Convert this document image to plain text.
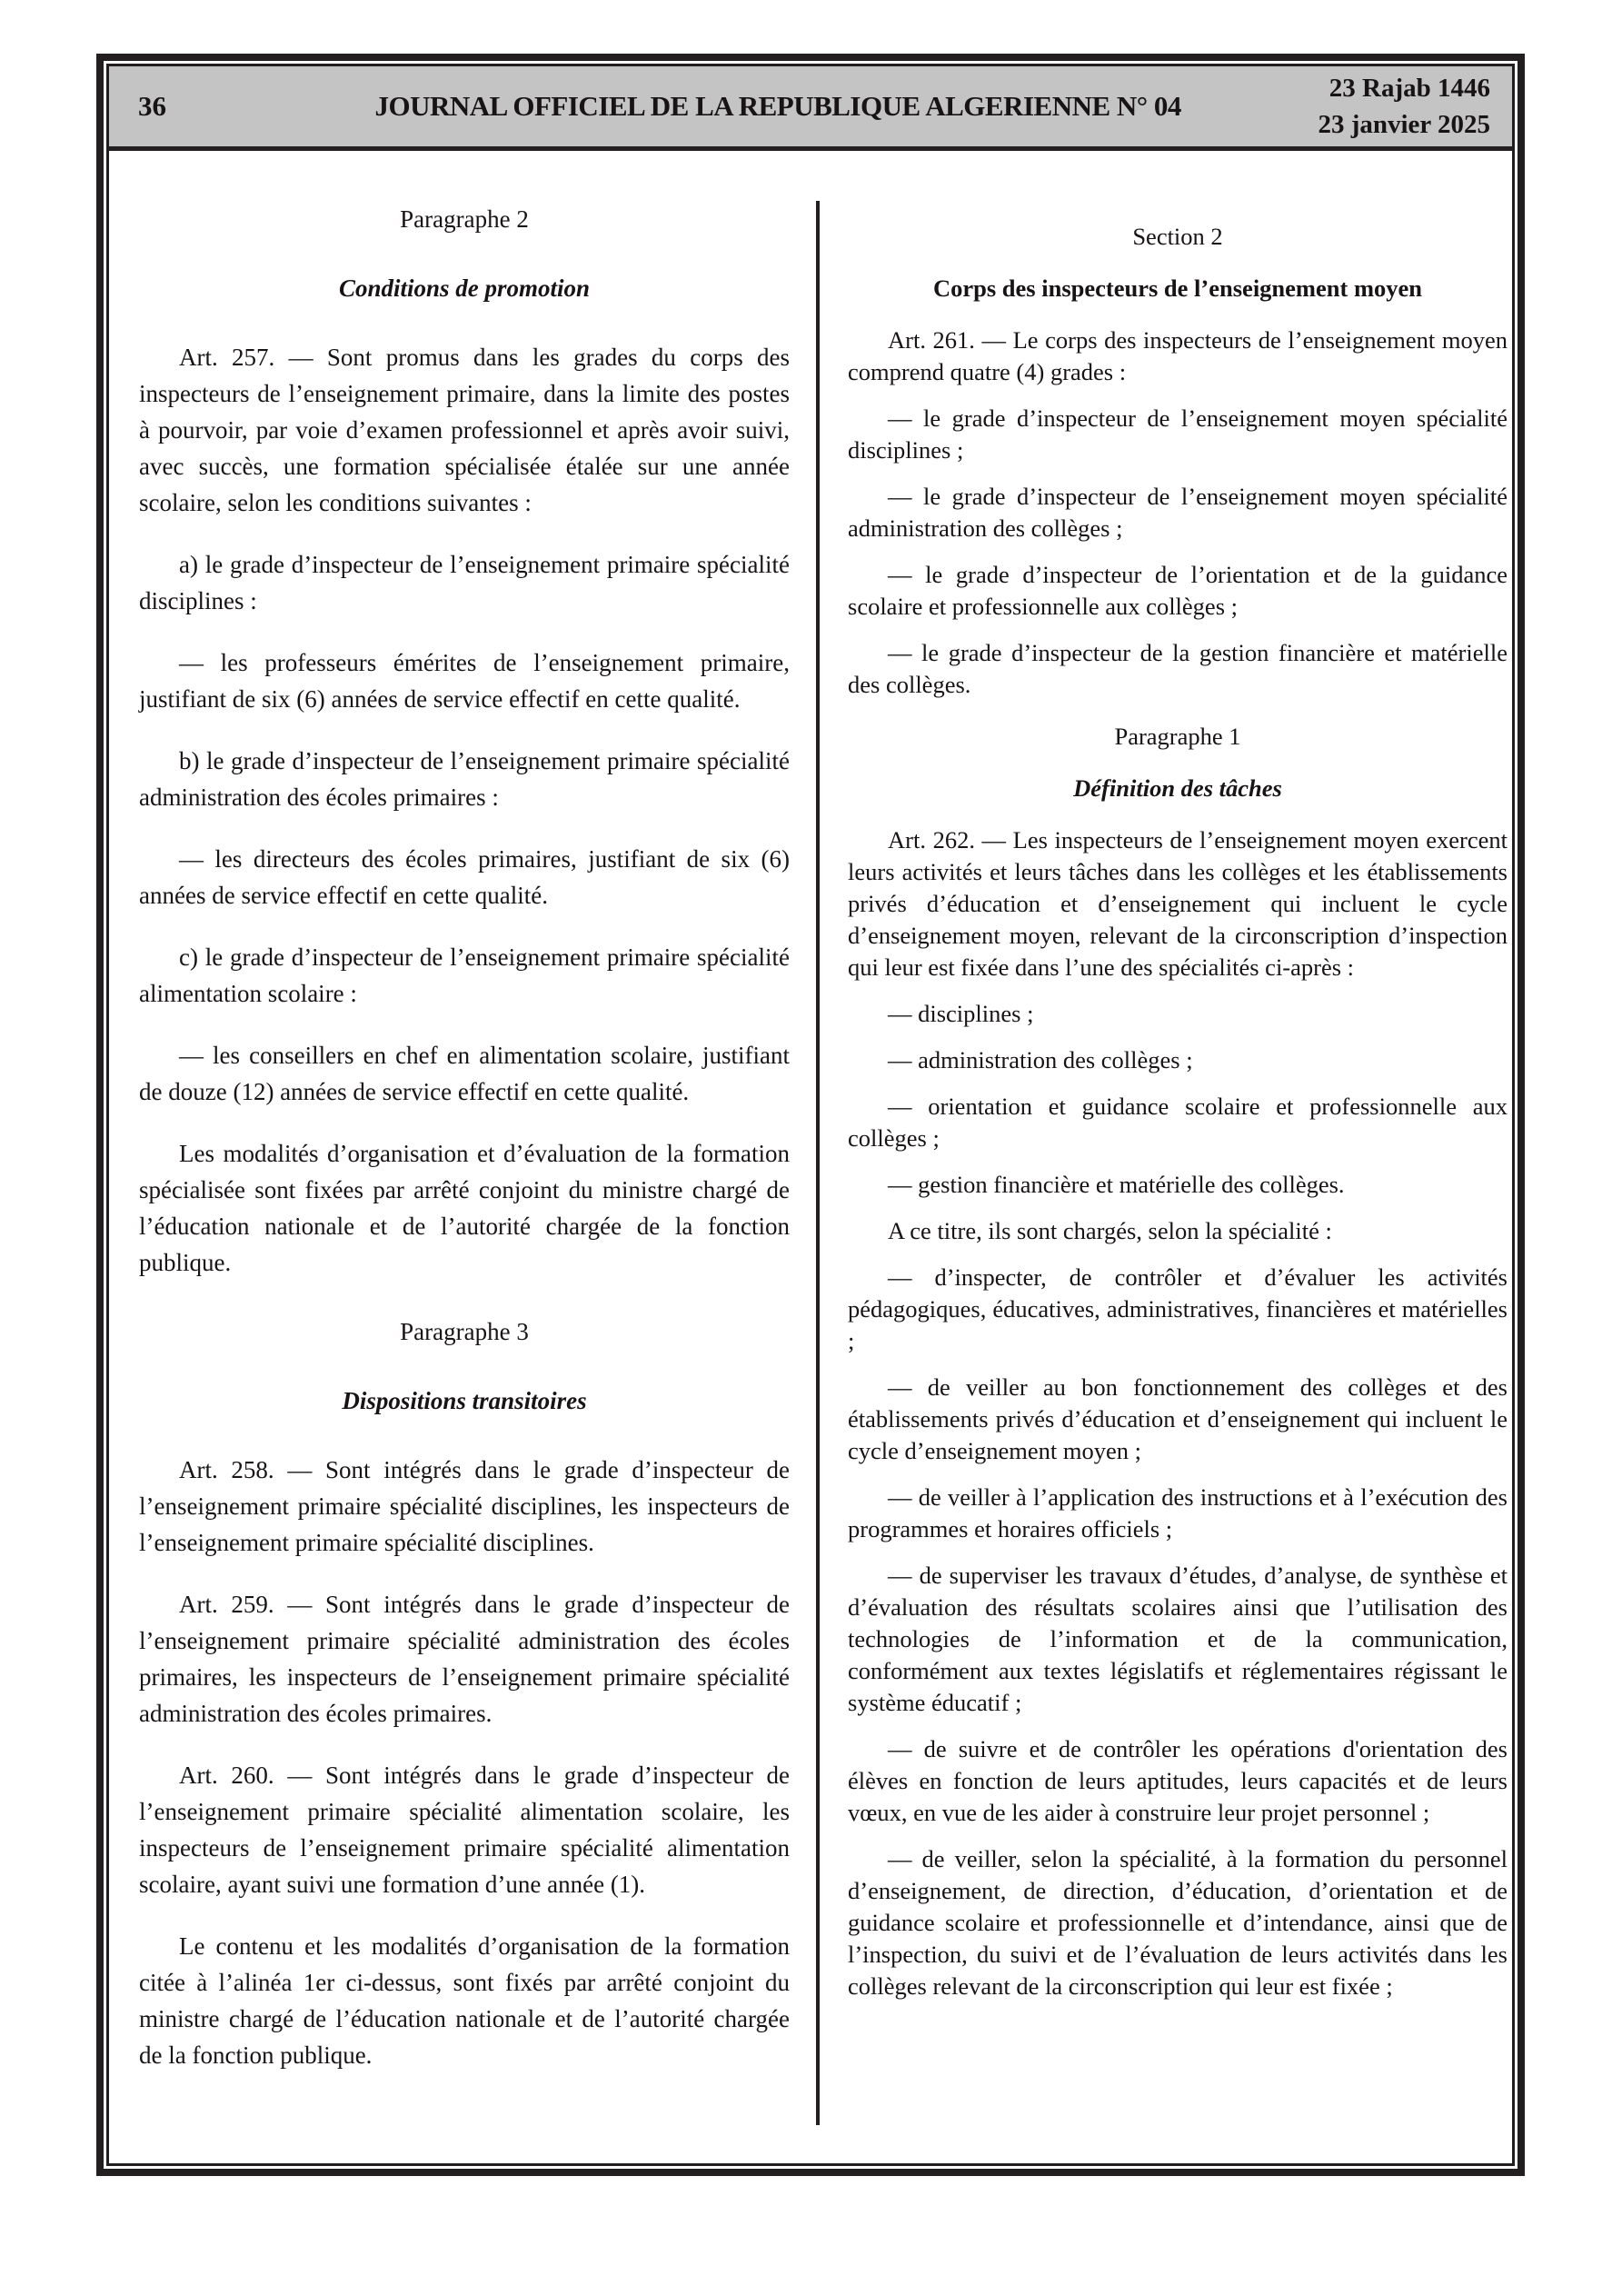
36	JOURNAL OFFICIEL DE LA REPUBLIQUE ALGERIENNE N° 04
23 Rajab 1446
23 janvier 2025
Paragraphe 2
Conditions de promotion
Art. 257. — Sont promus dans les grades du corps des inspecteurs de l’enseignement primaire, dans la limite des postes à pourvoir, par voie d’examen professionnel et après avoir suivi, avec succès, une formation spécialisée étalée sur une année scolaire, selon les conditions suivantes :
a) le grade d’inspecteur de l’enseignement primaire spécialité disciplines :
— les professeurs émérites de l’enseignement primaire, justifiant de six (6) années de service effectif en cette qualité.
b) le grade d’inspecteur de l’enseignement primaire spécialité administration des écoles primaires :
— les directeurs des écoles primaires, justifiant de six (6) années de service effectif en cette qualité.
c) le grade d’inspecteur de l’enseignement primaire spécialité alimentation scolaire :
— les conseillers en chef en alimentation scolaire, justifiant de douze (12) années de service effectif en cette qualité.
Les modalités d’organisation et d’évaluation de la formation spécialisée sont fixées par arrêté conjoint du ministre chargé de l’éducation nationale et de l’autorité chargée de la fonction publique.
Paragraphe 3
Dispositions transitoires
Art. 258. — Sont intégrés dans le grade d’inspecteur de l’enseignement primaire spécialité disciplines, les inspecteurs de l’enseignement primaire spécialité disciplines.
Art. 259. — Sont intégrés dans le grade d’inspecteur de l’enseignement primaire spécialité administration des écoles primaires, les inspecteurs de l’enseignement primaire spécialité administration des écoles primaires.
Art. 260. — Sont intégrés dans le grade d’inspecteur de l’enseignement primaire spécialité alimentation scolaire, les inspecteurs de l’enseignement primaire spécialité alimentation scolaire, ayant suivi une formation d’une année (1).
Le contenu et les modalités d’organisation de la formation citée à l’alinéa 1er ci-dessus, sont fixés par arrêté conjoint du ministre chargé de l’éducation nationale et de l’autorité chargée de la fonction publique.
Section 2
Corps des inspecteurs de l’enseignement moyen
Art. 261. — Le corps des inspecteurs de l’enseignement moyen comprend quatre (4) grades :
— le grade d’inspecteur de l’enseignement moyen spécialité disciplines ;
— le grade d’inspecteur de l’enseignement moyen spécialité administration des collèges ;
— le grade d’inspecteur de l’orientation et de la guidance scolaire et professionnelle aux collèges ;
— le grade d’inspecteur de la gestion financière et matérielle des collèges.
Paragraphe 1
Définition des tâches
Art. 262. — Les inspecteurs de l’enseignement moyen exercent leurs activités et leurs tâches dans les collèges et les établissements privés d’éducation et d’enseignement qui incluent le cycle d’enseignement moyen, relevant de la circonscription d’inspection qui leur est fixée dans l’une des spécialités ci-après :
— disciplines ;
— administration des collèges ;
— orientation et guidance scolaire et professionnelle aux collèges ;
— gestion financière et matérielle des collèges.
A ce titre, ils sont chargés, selon la spécialité :
— d’inspecter, de contrôler et d’évaluer les activités pédagogiques, éducatives, administratives, financières et matérielles ;
— de veiller au bon fonctionnement des collèges et des établissements privés d’éducation et d’enseignement qui incluent le cycle d’enseignement moyen ;
— de veiller à l’application des instructions et à l’exécution des programmes et horaires officiels ;
— de superviser les travaux d’études, d’analyse, de synthèse et d’évaluation des résultats scolaires ainsi que l’utilisation des technologies de l’information et de la communication, conformément aux textes législatifs et réglementaires régissant le système éducatif ;
— de suivre et de contrôler les opérations d'orientation des élèves en fonction de leurs aptitudes, leurs capacités et de leurs vœux, en vue de les aider à construire leur projet personnel ;
— de veiller, selon la spécialité, à la formation du personnel d’enseignement, de direction, d’éducation, d’orientation et de guidance scolaire et professionnelle et d’intendance, ainsi que de l’inspection, du suivi et de l’évaluation de leurs activités dans les collèges relevant de la circonscription qui leur est fixée ;
